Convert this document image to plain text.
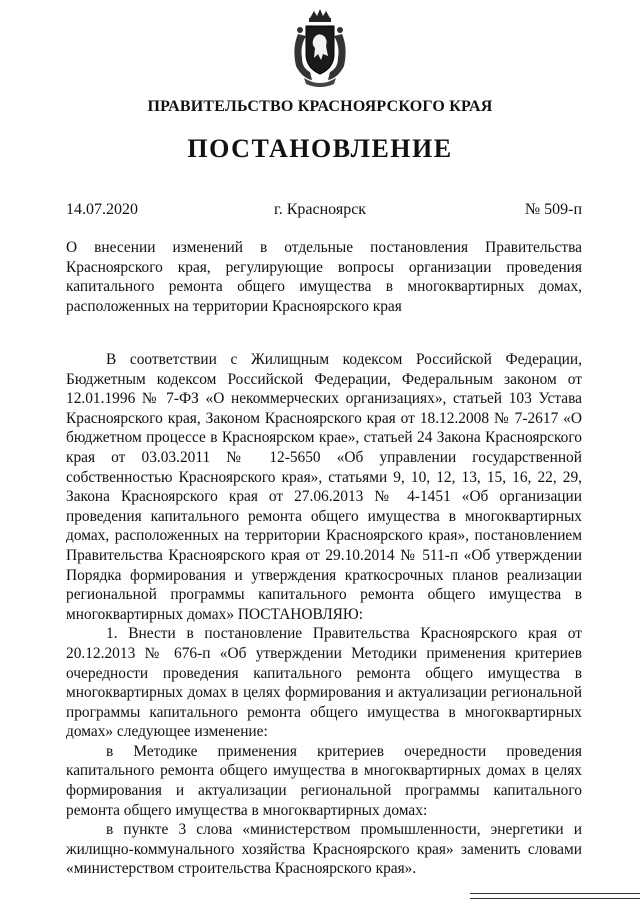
ПРАВИТЕЛЬСТВО КРАСНОЯРСКОГО КРАЯ
ПОСТАНОВЛЕНИЕ
14.07.2020	г. Красноярск	№ 509-п
О внесении изменений в отдельные постановления Правительства Красноярского края, регулирующие вопросы организации проведения капитального ремонта общего имущества в многоквартирных домах, расположенных на территории Красноярского края

В соответствии с Жилищным кодексом Российской Федерации, Бюджетным кодексом Российской Федерации, Федеральным законом от 12.01.1996 № 7-ФЗ «О некоммерческих организациях», статьей 103 Устава Красноярского края, Законом Красноярского края от 18.12.2008 № 7-2617 «О бюджетном процессе в Красноярском крае», статьей 24 Закона Красноярского края от 03.03.2011 № 12-5650 «Об управлении государственной собственностью Красноярского края», статьями 9, 10, 12, 13, 15, 16, 22, 29, Закона Красноярского края от 27.06.2013 № 4-1451 «Об организации проведения капитального ремонта общего имущества в многоквартирных домах, расположенных на территории Красноярского края», постановлением Правительства Красноярского края от 29.10.2014 № 511-п «Об утверждении Порядка формирования и утверждения краткосрочных планов реализации региональной программы капитального ремонта общего имущества в многоквартирных домах» ПОСТАНОВЛЯЮ:

1. Внести в постановление Правительства Красноярского края от 20.12.2013 № 676-п «Об утверждении Методики применения критериев очередности проведения капитального ремонта общего имущества в многоквартирных домах в целях формирования и актуализации региональной программы капитального ремонта общего имущества в многоквартирных домах» следующее изменение:

в Методике применения критериев очередности проведения капитального ремонта общего имущества в многоквартирных домах в целях формирования и актуализации региональной программы капитального ремонта общего имущества в многоквартирных домах:

в пункте 3 слова «министерством промышленности, энергетики и жилищно-коммунального хозяйства Красноярского края» заменить словами «министерством строительства Красноярского края».
